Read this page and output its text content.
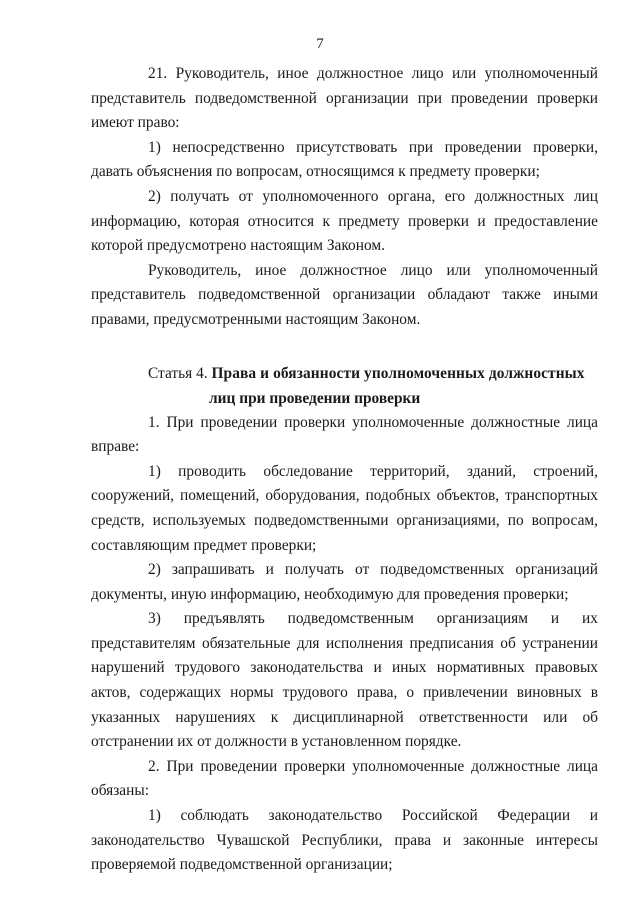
7

21. Руководитель, иное должностное лицо или уполномоченный представитель подведомственной организации при проведении проверки имеют право:

1) непосредственно присутствовать при проведении проверки, давать объяснения по вопросам, относящимся к предмету проверки;

2) получать от уполномоченного органа, его должностных лиц информацию, которая относится к предмету проверки и предоставление которой предусмотрено настоящим Законом.

Руководитель, иное должностное лицо или уполномоченный представитель подведомственной организации обладают также иными правами, предусмотренными настоящим Законом.

Статья 4. Права и обязанности уполномоченных должностных
лиц при проведении проверки

1. При проведении проверки уполномоченные должностные лица вправе:

1) проводить обследование территорий, зданий, строений, сооружений, помещений, оборудования, подобных объектов, транспортных средств, используемых подведомственными организациями, по вопросам, составляющим предмет проверки;

2) запрашивать и получать от подведомственных организаций документы, иную информацию, необходимую для проведения проверки;

3) предъявлять подведомственным организациям и их представителям обязательные для исполнения предписания об устранении нарушений трудового законодательства и иных нормативных правовых актов, содержащих нормы трудового права, о привлечении виновных в указанных нарушениях к дисциплинарной ответственности или об отстранении их от должности в установленном порядке.

2. При проведении проверки уполномоченные должностные лица обязаны:

1) соблюдать законодательство Российской Федерации и законодательство Чувашской Республики, права и законные интересы проверяемой подведомственной организации;
